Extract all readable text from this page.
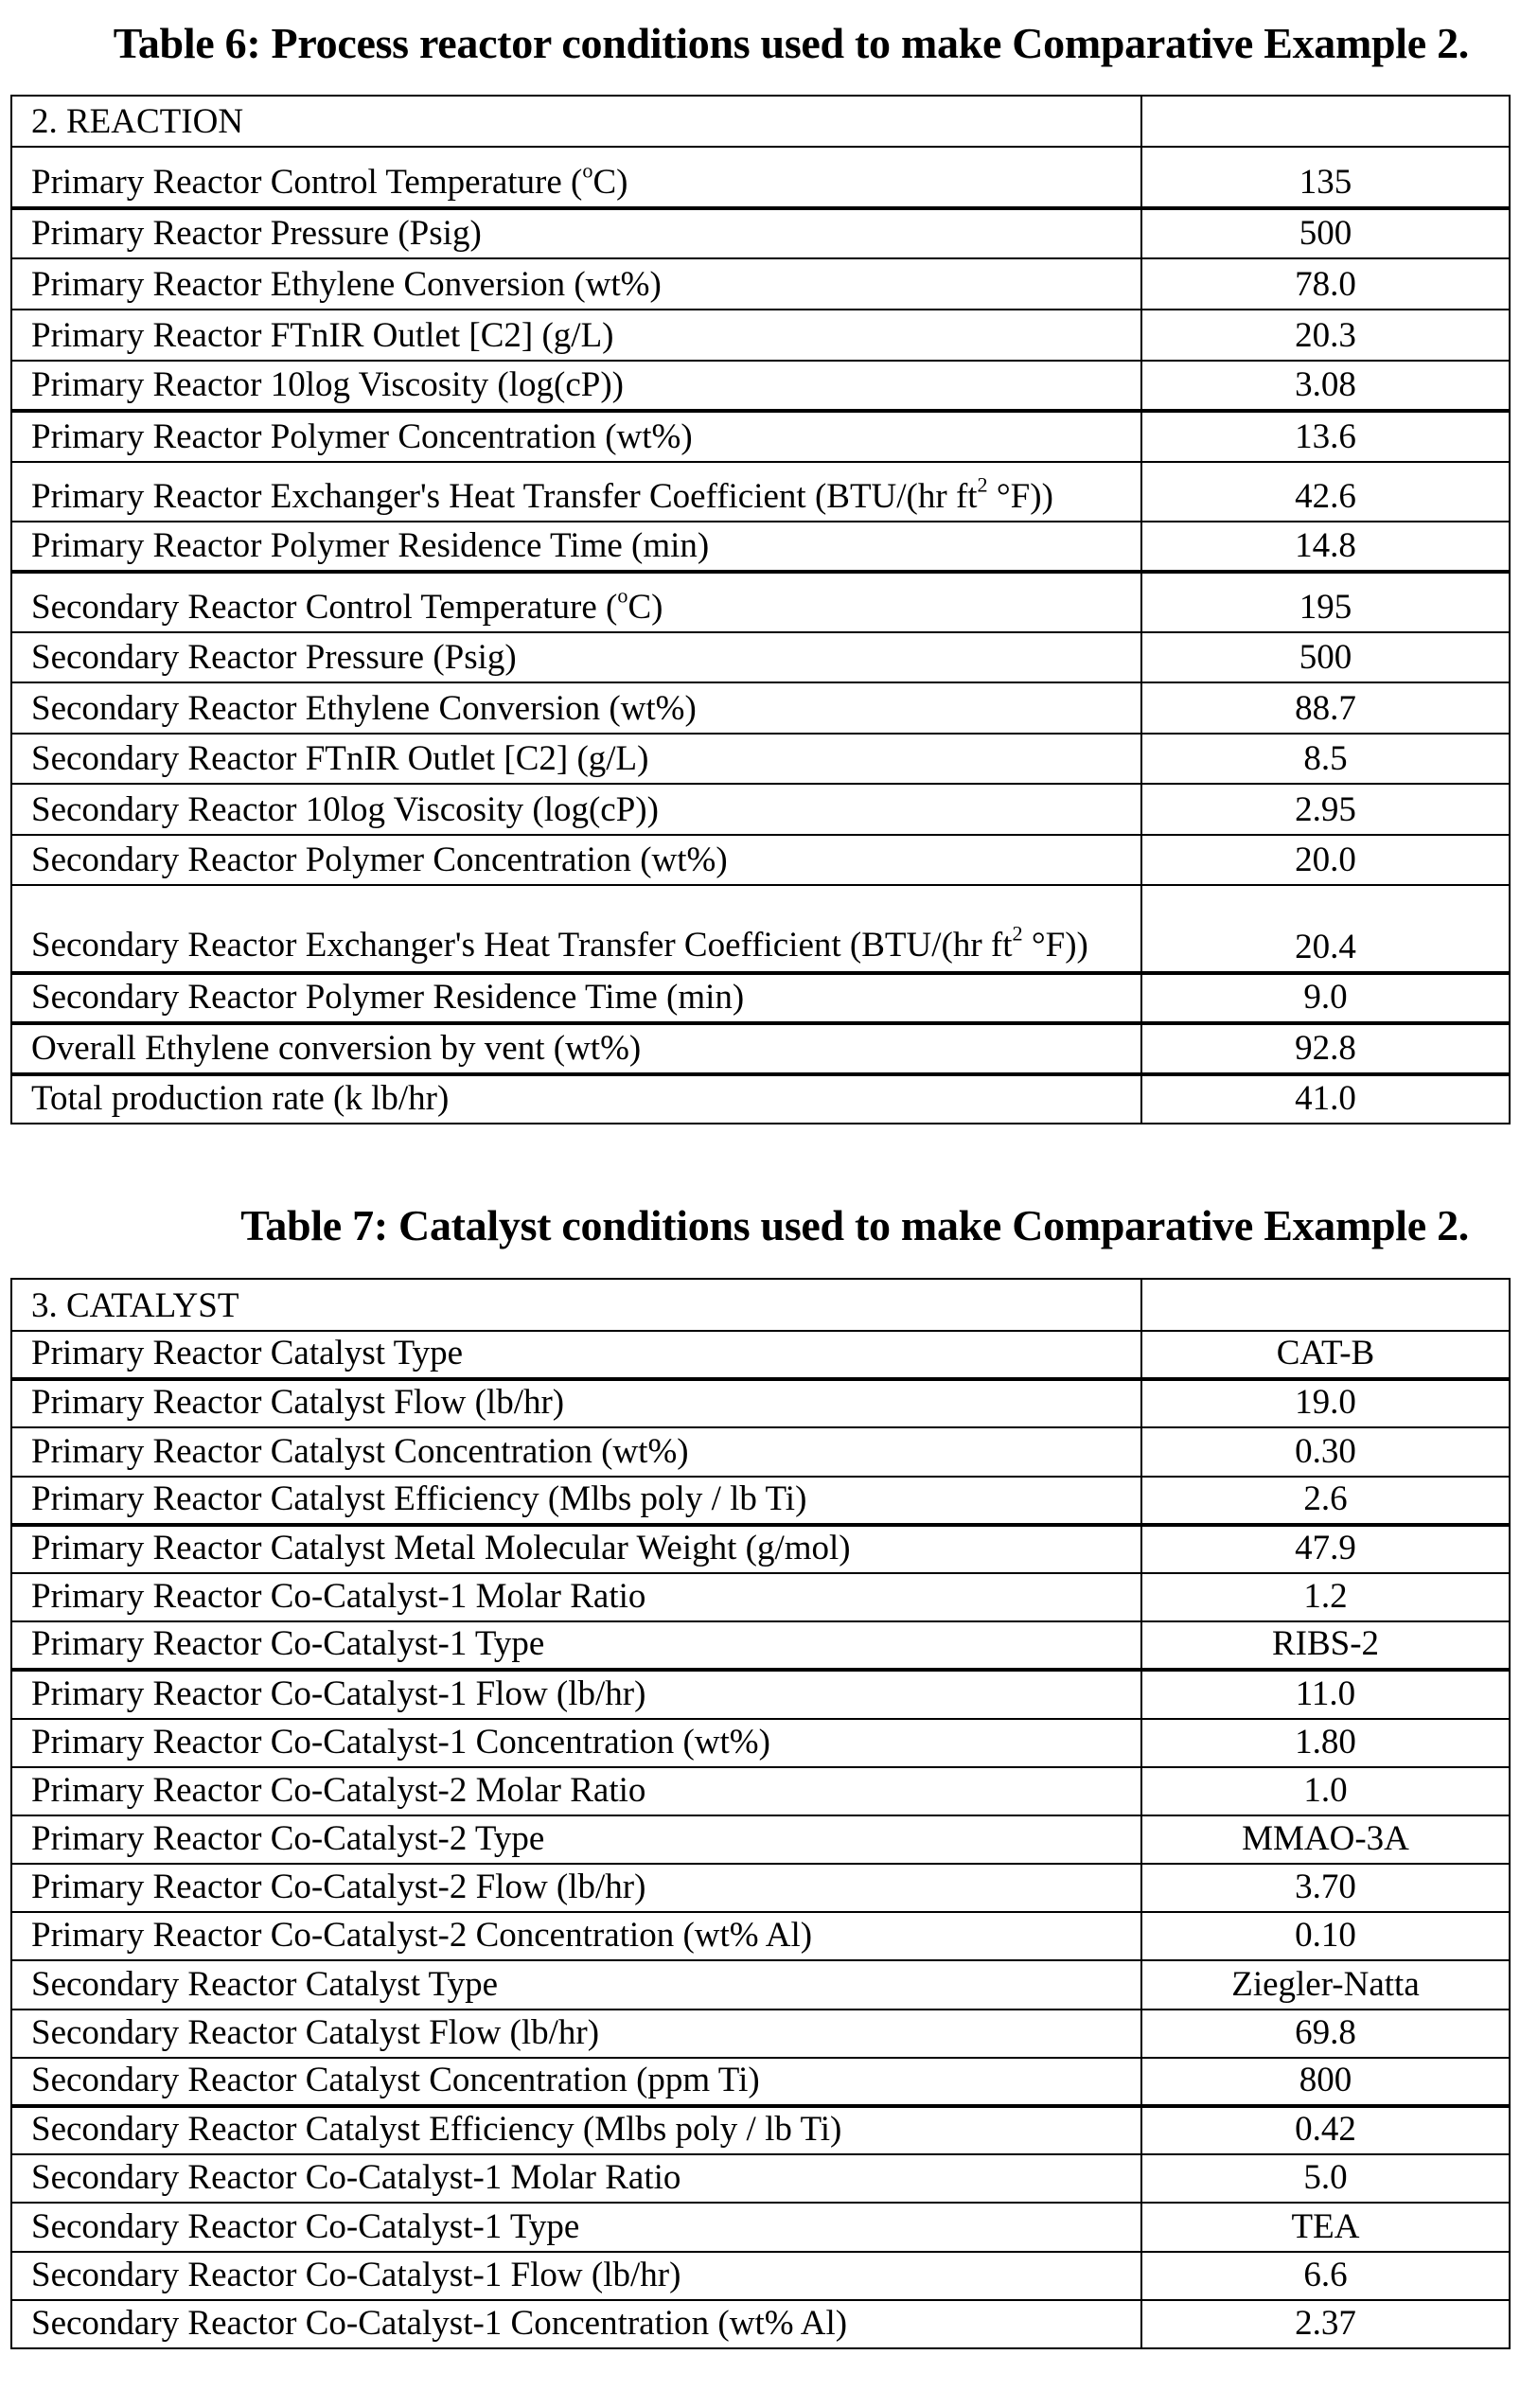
Table 6: Process reactor conditions used to make Comparative Example 2.
2. REACTION	
Primary Reactor Control Temperature ($^o$C)	135
Primary Reactor Pressure (Psig)	500
Primary Reactor Ethylene Conversion (wt%)	78.0
Primary Reactor FTnIR Outlet [C2] (g/L)	20.3
Primary Reactor 10log Viscosity (log(cP))	3.08
Primary Reactor Polymer Concentration (wt%)	13.6
Primary Reactor Exchanger's Heat Transfer Coefficient (BTU/(hr $ft^2$ °F))	42.6
Primary Reactor Polymer Residence Time (min)	14.8
Secondary Reactor Control Temperature ($^o$C)	195
Secondary Reactor Pressure (Psig)	500
Secondary Reactor Ethylene Conversion (wt%)	88.7
Secondary Reactor FTnIR Outlet [C2] (g/L)	8.5
Secondary Reactor 10log Viscosity (log(cP))	2.95
Secondary Reactor Polymer Concentration (wt%)	20.0
Secondary Reactor Exchanger's Heat Transfer Coefficient (BTU/(hr $ft^2$ °F))	20.4
Secondary Reactor Polymer Residence Time (min)	9.0
Overall Ethylene conversion by vent (wt%)	92.8
Total production rate (k lb/hr)	41.0
Table 7: Catalyst conditions used to make Comparative Example 2.
3. CATALYST	
Primary Reactor Catalyst Type	CAT-B
Primary Reactor Catalyst Flow (lb/hr)	19.0
Primary Reactor Catalyst Concentration (wt%)	0.30
Primary Reactor Catalyst Efficiency (Mlbs poly / lb Ti)	2.6
Primary Reactor Catalyst Metal Molecular Weight (g/mol)	47.9
Primary Reactor Co-Catalyst-1 Molar Ratio	1.2
Primary Reactor Co-Catalyst-1 Type	RIBS-2
Primary Reactor Co-Catalyst-1 Flow (lb/hr)	11.0
Primary Reactor Co-Catalyst-1 Concentration (wt%)	1.80
Primary Reactor Co-Catalyst-2 Molar Ratio	1.0
Primary Reactor Co-Catalyst-2 Type	MMAO-3A
Primary Reactor Co-Catalyst-2 Flow (lb/hr)	3.70
Primary Reactor Co-Catalyst-2 Concentration (wt% Al)	0.10
Secondary Reactor Catalyst Type	Ziegler-Natta
Secondary Reactor Catalyst Flow (lb/hr)	69.8
Secondary Reactor Catalyst Concentration (ppm Ti)	800
Secondary Reactor Catalyst Efficiency (Mlbs poly / lb Ti)	0.42
Secondary Reactor Co-Catalyst-1 Molar Ratio	5.0
Secondary Reactor Co-Catalyst-1 Type	TEA
Secondary Reactor Co-Catalyst-1 Flow (lb/hr)	6.6
Secondary Reactor Co-Catalyst-1 Concentration (wt% Al)	2.37
